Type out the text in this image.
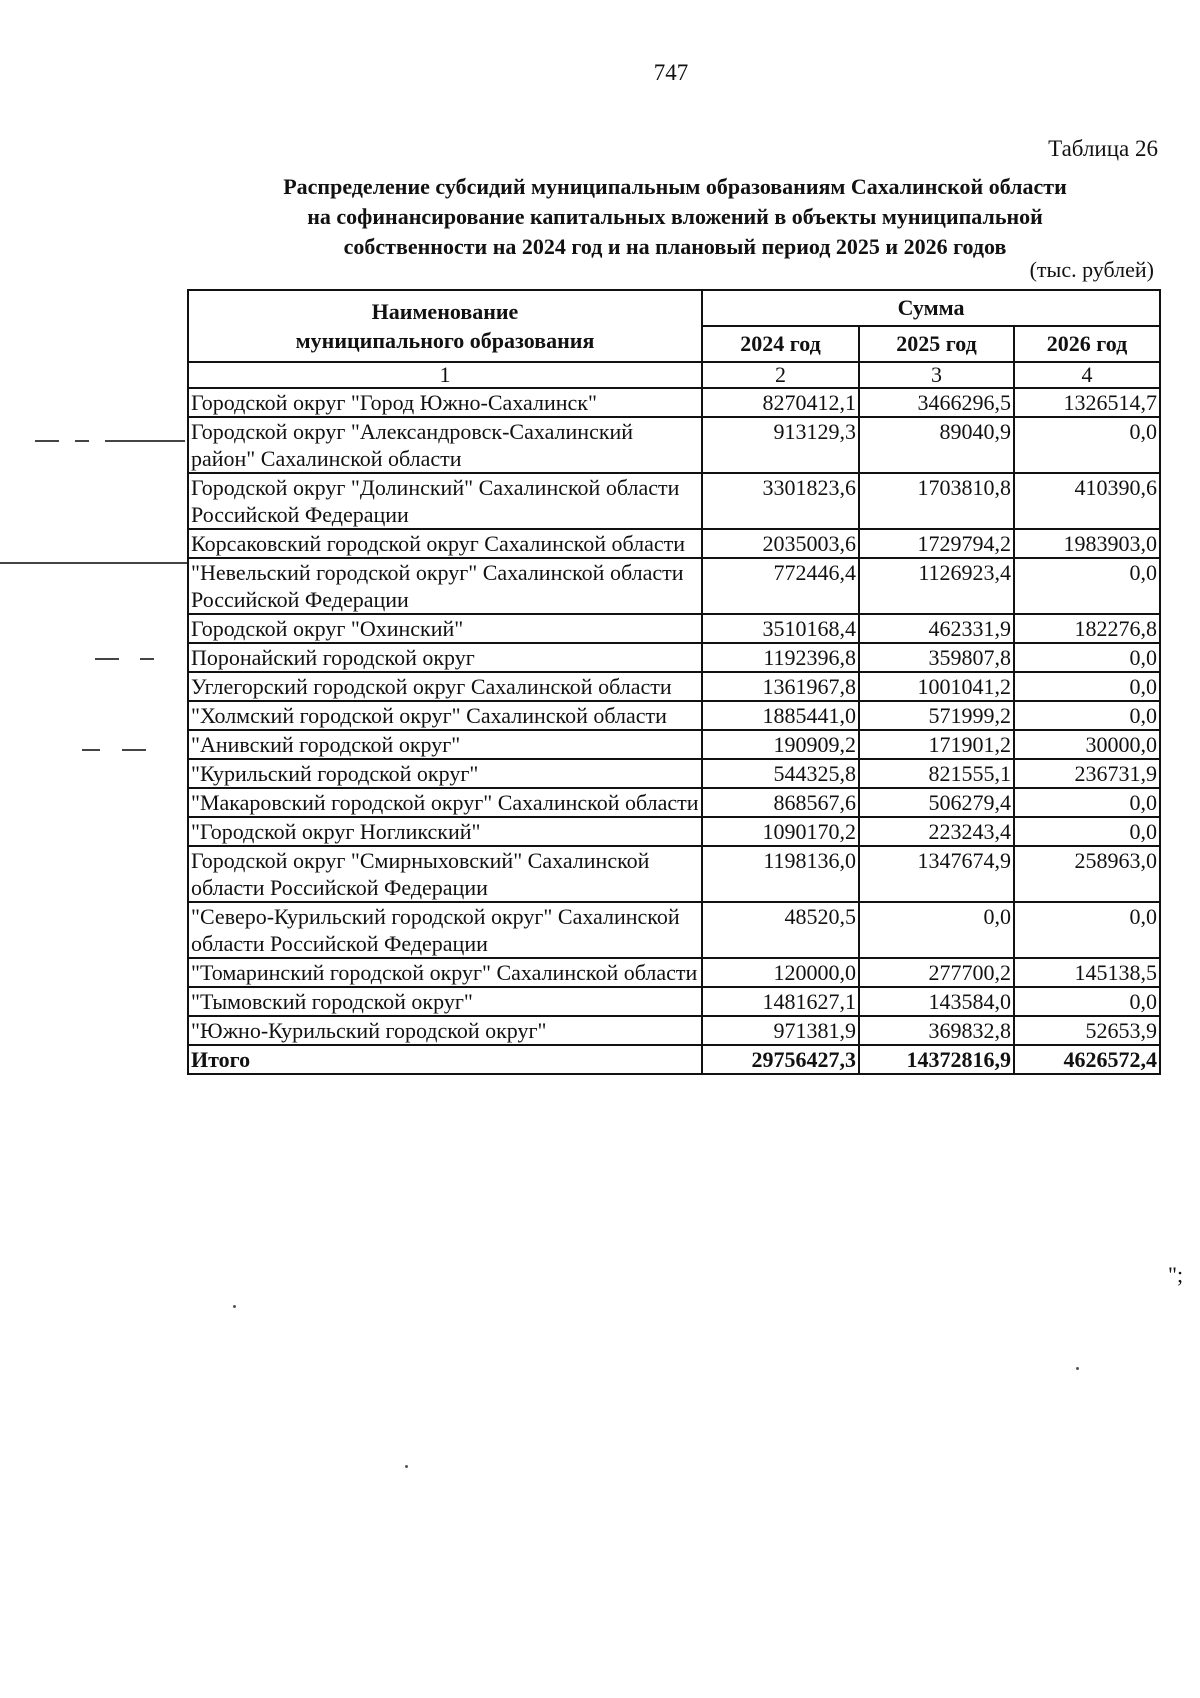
747
Таблица 26
Распределение субсидий муниципальным образованиям Сахалинской области
на софинансирование капитальных вложений в объекты муниципальной
собственности на 2024 год и на плановый период 2025 и 2026 годов
(тыс. рублей)
Наименование
муниципального образования	Сумма		
	2024 год	2025 год	2026 год
1	2	3	4
Городской округ "Город Южно-Сахалинск"	8270412,1	3466296,5	1326514,7
Городской округ "Александровск-Сахалинский район" Сахалинской области	913129,3	89040,9	0,0
Городской округ "Долинский" Сахалинской области Российской Федерации	3301823,6	1703810,8	410390,6
Корсаковский городской округ Сахалинской области	2035003,6	1729794,2	1983903,0
"Невельский городской округ" Сахалинской области Российской Федерации	772446,4	1126923,4	0,0
Городской округ "Охинский"	3510168,4	462331,9	182276,8
Поронайский городской округ	1192396,8	359807,8	0,0
Углегорский городской округ Сахалинской области	1361967,8	1001041,2	0,0
"Холмский городской округ" Сахалинской области	1885441,0	571999,2	0,0
"Анивский городской округ"	190909,2	171901,2	30000,0
"Курильский городской округ"	544325,8	821555,1	236731,9
"Макаровский городской округ" Сахалинской области	868567,6	506279,4	0,0
"Городской округ Ногликский"	1090170,2	223243,4	0,0
Городской округ "Смирныховский" Сахалинской области Российской Федерации	1198136,0	1347674,9	258963,0
"Северо-Курильский городской округ" Сахалинской области Российской Федерации	48520,5	0,0	0,0
"Томаринский городской округ" Сахалинской области	120000,0	277700,2	145138,5
"Тымовский городской округ"	1481627,1	143584,0	0,0
"Южно-Курильский городской округ"	971381,9	369832,8	52653,9
Итого	29756427,3	14372816,9	4626572,4
";
